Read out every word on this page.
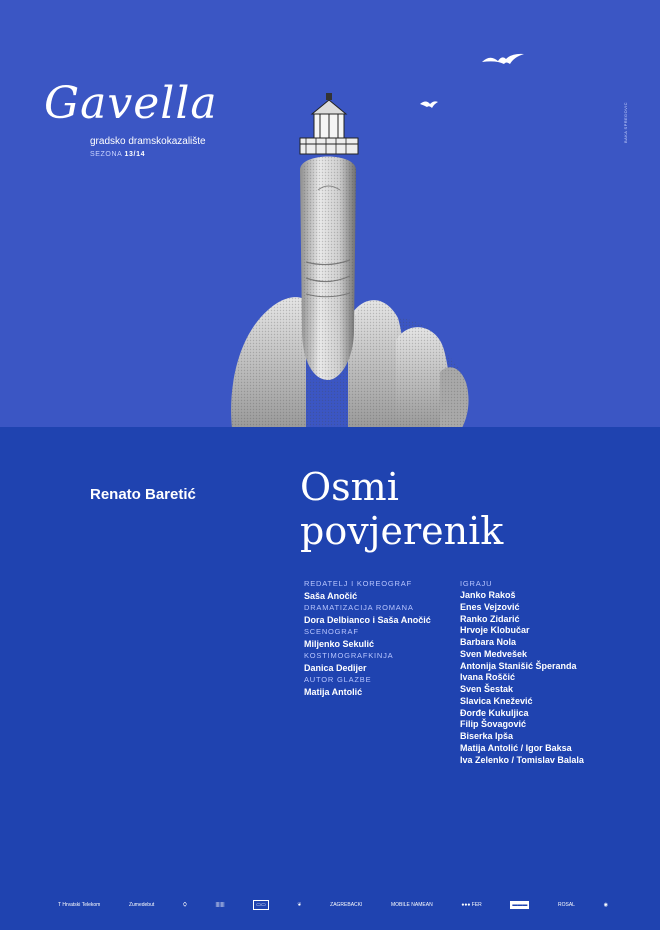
Gavella
gradsko dramskokazalište
SEZONA 13/14
BAKA SPREGOVIC
Renato Baretić	Osmi
povjerenik
REDATELJ I KOREOGRAF
Saša Anočić
DRAMATIZACIJA ROMANA
Dora Delbianco i Saša Anočić
SCENOGRAF
Miljenko Sekulić
KOSTIMOGRAFKINJA
Danica Dedijer
AUTOR GLAZBE
Matija Antolić
IGRAJU
Janko Rakoš
Enes Vejzović
Ranko Zidarić
Hrvoje Klobučar
Barbara Nola
Sven Medvešek
Antonija Stanišić Šperanda
Ivana Roščić
Sven Šestak
Slavica Knežević
Đorđe Kukuljica
Filip Šovagović
Biserka Ipša
Matija Antolić / Igor Baksa
Iva Zelenko / Tomislav Balala
T Hrvatski Telekom	Zumedebut	⛭	|||||||	▭▭	❦	ZAGREBACKI	MOBILE NAMEAN	●●● FER	▬▬▬	ROSAL	◉
